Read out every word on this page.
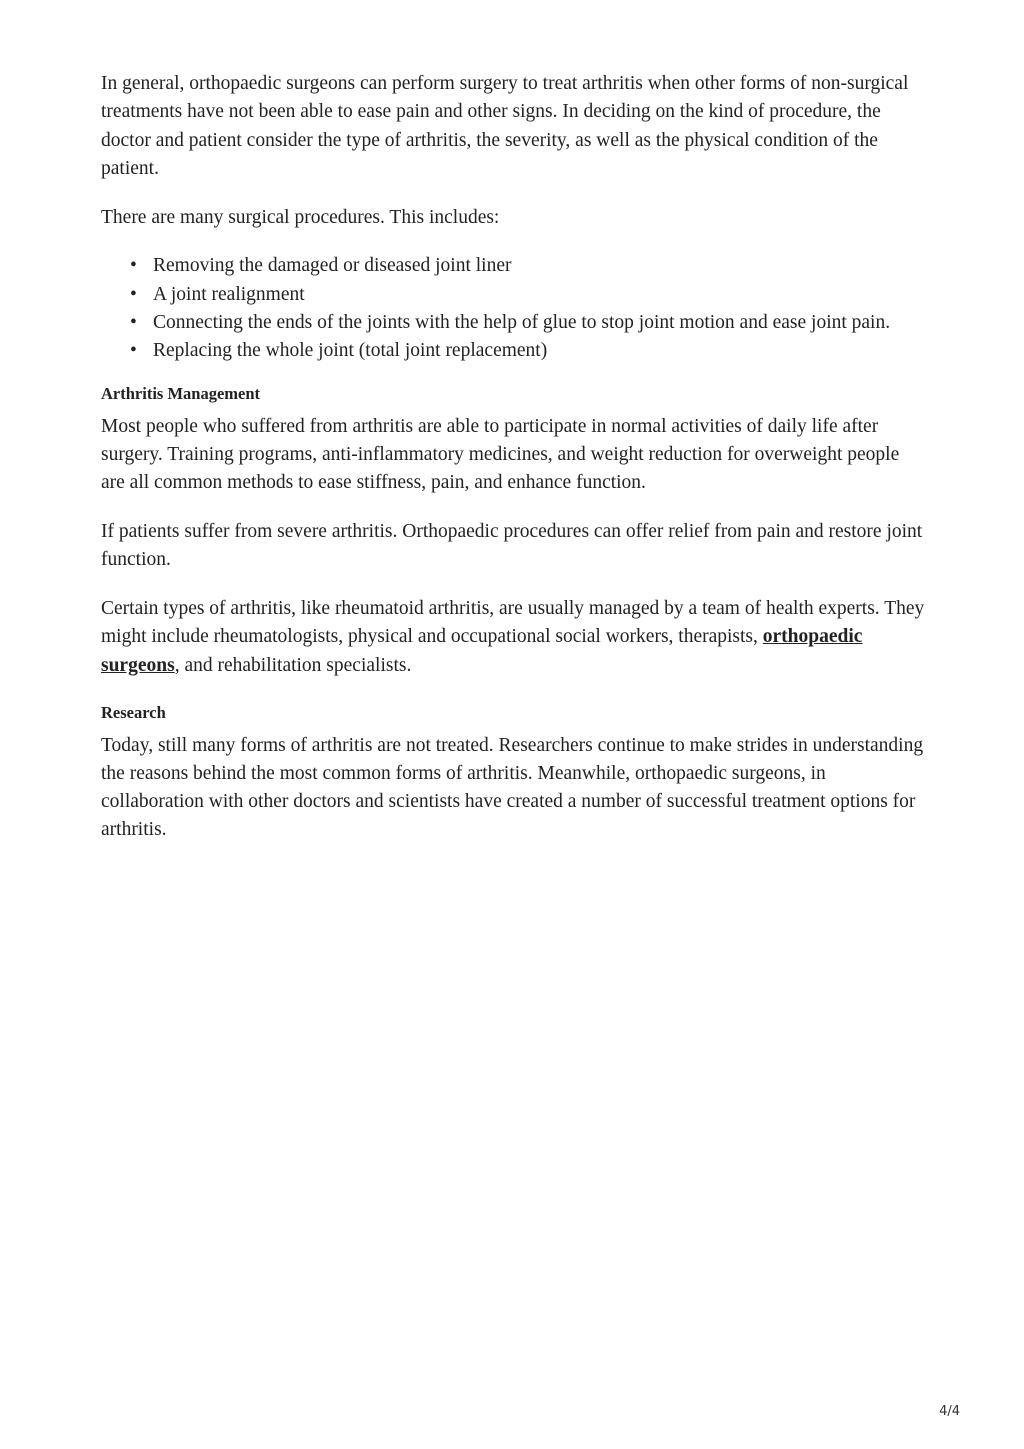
In general, orthopaedic surgeons can perform surgery to treat arthritis when other forms of non-surgical treatments have not been able to ease pain and other signs. In deciding on the kind of procedure, the doctor and patient consider the type of arthritis, the severity, as well as the physical condition of the patient.

There are many surgical procedures. This includes:

• Removing the damaged or diseased joint liner
• A joint realignment
• Connecting the ends of the joints with the help of glue to stop joint motion and ease joint pain.
• Replacing the whole joint (total joint replacement)
Arthritis Management

Most people who suffered from arthritis are able to participate in normal activities of daily life after surgery. Training programs, anti-inflammatory medicines, and weight reduction for overweight people are all common methods to ease stiffness, pain, and enhance function.

If patients suffer from severe arthritis. Orthopaedic procedures can offer relief from pain and restore joint function.

Certain types of arthritis, like rheumatoid arthritis, are usually managed by a team of health experts. They might include rheumatologists, physical and occupational social workers, therapists, orthopaedic surgeons, and rehabilitation specialists.

Research

Today, still many forms of arthritis are not treated. Researchers continue to make strides in understanding the reasons behind the most common forms of arthritis. Meanwhile, orthopaedic surgeons, in collaboration with other doctors and scientists have created a number of successful treatment options for arthritis.

4/4
